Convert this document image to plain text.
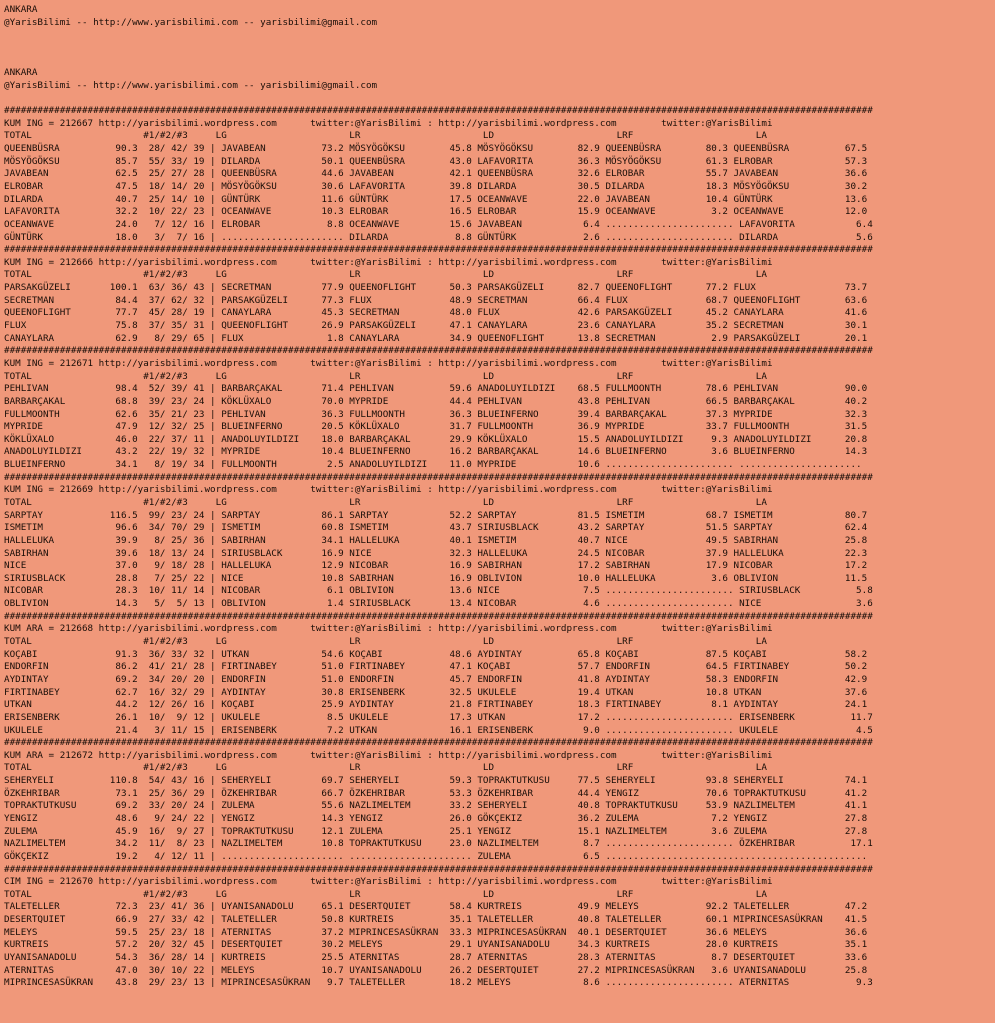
ANKARA
@YarisBilimi -- http://www.yarisbilimi.com -- yarisbilimi@gmail.com

ANKARA
@YarisBilimi -- http://www.yarisbilimi.com -- yarisbilimi@gmail.com

############################################################################################################################################################
KUM ING = 212667 http://yarisbilimi.wordpress.com      twitter:@YarisBilimi : http://yarisbilimi.wordpress.com        twitter:@YarisBilimi
TOTAL                    #1/#2/#3     LG                      LR                      LD                      LRF                      LA
QUEENBÜSRA          90.3  28/ 42/ 39 | JAVABEAN          73.2 MÖSYÖGÖKSU        45.8 MÖSYÖGÖKSU        82.9 QUEENBÜSRA        80.3 QUEENBÜSRA          67.5
MÖSYÖGÖKSU          85.7  55/ 33/ 19 | DILARDA           50.1 QUEENBÜSRA        43.0 LAFAVORITA        36.3 MÖSYÖGÖKSU        61.3 ELROBAR             57.3
JAVABEAN            62.5  25/ 27/ 28 | QUEENBÜSRA        44.6 JAVABEAN          42.1 QUEENBÜSRA        32.6 ELROBAR           55.7 JAVABEAN            36.6
ELROBAR             47.5  18/ 14/ 20 | MÖSYÖGÖKSU        30.6 LAFAVORITA        39.8 DILARDA           30.5 DILARDA           18.3 MÖSYÖGÖKSU          30.2
DILARDA             40.7  25/ 14/ 10 | GÜNTÜRK           11.6 GÜNTÜRK           17.5 OCEANWAVE         22.0 JAVABEAN          10.4 GÜNTÜRK             13.6
LAFAVORITA          32.2  10/ 22/ 23 | OCEANWAVE         10.3 ELROBAR           16.5 ELROBAR           15.9 OCEANWAVE          3.2 OCEANWAVE           12.0
OCEANWAVE           24.0   7/ 12/ 16 | ELROBAR            8.8 OCEANWAVE         15.6 JAVABEAN           6.4 ....................... LAFAVORITA           6.4
GÜNTÜRK             18.0   3/  7/ 16 | ...................... DILARDA            8.8 GÜNTÜRK            2.6 ....................... DILARDA              5.6
############################################################################################################################################################
KUM ING = 212666 http://yarisbilimi.wordpress.com      twitter:@YarisBilimi : http://yarisbilimi.wordpress.com        twitter:@YarisBilimi
TOTAL                    #1/#2/#3     LG                      LR                      LD                      LRF                      LA
PARSAKGÜZELI       100.1  63/ 36/ 43 | SECRETMAN         77.9 QUEENOFLIGHT      50.3 PARSAKGÜZELI      82.7 QUEENOFLIGHT      77.2 FLUX                73.7
SECRETMAN           84.4  37/ 62/ 32 | PARSAKGÜZELI      77.3 FLUX              48.9 SECRETMAN         66.4 FLUX              68.7 QUEENOFLIGHT        63.6
QUEENOFLIGHT        77.7  45/ 28/ 19 | CANAYLARA         45.3 SECRETMAN         48.0 FLUX              42.6 PARSAKGÜZELI      45.2 CANAYLARA           41.6
FLUX                75.8  37/ 35/ 31 | QUEENOFLIGHT      26.9 PARSAKGÜZELI      47.1 CANAYLARA         23.6 CANAYLARA         35.2 SECRETMAN           30.1
CANAYLARA           62.9   8/ 29/ 65 | FLUX               1.8 CANAYLARA         34.9 QUEENOFLIGHT      13.8 SECRETMAN          2.9 PARSAKGÜZELI        20.1
############################################################################################################################################################
KUM ING = 212671 http://yarisbilimi.wordpress.com      twitter:@YarisBilimi : http://yarisbilimi.wordpress.com        twitter:@YarisBilimi
TOTAL                    #1/#2/#3     LG                      LR                      LD                      LRF                      LA
PEHLIVAN            98.4  52/ 39/ 41 | BARBARÇAKAL       71.4 PEHLIVAN          59.6 ANADOLUYILDIZI    68.5 FULLMOONTH        78.6 PEHLIVAN            90.0
BARBARÇAKAL         68.8  39/ 23/ 24 | KÖKLÜXALO         70.0 MYPRIDE           44.4 PEHLIVAN          43.8 PEHLIVAN          66.5 BARBARÇAKAL         40.2
FULLMOONTH          62.6  35/ 21/ 23 | PEHLIVAN          36.3 FULLMOONTH        36.3 BLUEINFERNO       39.4 BARBARÇAKAL       37.3 MYPRIDE             32.3
MYPRIDE             47.9  12/ 32/ 25 | BLUEINFERNO       20.5 KÖKLÜXALO         31.7 FULLMOONTH        36.9 MYPRIDE           33.7 FULLMOONTH          31.5
KÖKLÜXALO           46.0  22/ 37/ 11 | ANADOLUYILDIZI    18.0 BARBARÇAKAL       29.9 KÖKLÜXALO         15.5 ANADOLUYILDIZI     9.3 ANADOLUYILDIZI      20.8
ANADOLUYILDIZI      43.2  22/ 19/ 32 | MYPRIDE           10.4 BLUEINFERNO       16.2 BARBARÇAKAL       14.6 BLUEINFERNO        3.6 BLUEINFERNO         14.3
BLUEINFERNO         34.1   8/ 19/ 34 | FULLMOONTH         2.5 ANADOLUYILDIZI    11.0 MYPRIDE           10.6 ....................... ......................
############################################################################################################################################################
KUM ING = 212669 http://yarisbilimi.wordpress.com      twitter:@YarisBilimi : http://yarisbilimi.wordpress.com        twitter:@YarisBilimi
TOTAL                    #1/#2/#3     LG                      LR                      LD                      LRF                      LA
SARPTAY            116.5  99/ 23/ 24 | SARPTAY           86.1 SARPTAY           52.2 SARPTAY           81.5 ISMETIM           68.7 ISMETIM             80.7
ISMETIM             96.6  34/ 70/ 29 | ISMETIM           60.8 ISMETIM           43.7 SIRIUSBLACK       43.2 SARPTAY           51.5 SARPTAY             62.4
HALLELUKA           39.9   8/ 25/ 36 | SABIRHAN          34.1 HALLELUKA         40.1 ISMETIM           40.7 NICE              49.5 SABIRHAN            25.8
SABIRHAN            39.6  18/ 13/ 24 | SIRIUSBLACK       16.9 NICE              32.3 HALLELUKA         24.5 NICOBAR           37.9 HALLELUKA           22.3
NICE                37.0   9/ 18/ 28 | HALLELUKA         12.9 NICOBAR           16.9 SABIRHAN          17.2 SABIRHAN          17.9 NICOBAR             17.2
SIRIUSBLACK         28.8   7/ 25/ 22 | NICE              10.8 SABIRHAN          16.9 OBLIVION          10.0 HALLELUKA          3.6 OBLIVION            11.5
NICOBAR             28.3  10/ 11/ 14 | NICOBAR            6.1 OBLIVION          13.6 NICE               7.5 ....................... SIRIUSBLACK          5.8
OBLIVION            14.3   5/  5/ 13 | OBLIVION           1.4 SIRIUSBLACK       13.4 NICOBAR            4.6 ....................... NICE                 3.6
############################################################################################################################################################
KUM ARA = 212668 http://yarisbilimi.wordpress.com      twitter:@YarisBilimi : http://yarisbilimi.wordpress.com        twitter:@YarisBilimi
TOTAL                    #1/#2/#3     LG                      LR                      LD                      LRF                      LA
KOÇABI              91.3  36/ 33/ 32 | UTKAN             54.6 KOÇABI            48.6 AYDINTAY          65.8 KOÇABI            87.5 KOÇABI              58.2
ENDORFIN            86.2  41/ 21/ 28 | FIRTINABEY        51.0 FIRTINABEY        47.1 KOÇABI            57.7 ENDORFIN          64.5 FIRTINABEY          50.2
AYDINTAY            69.2  34/ 20/ 20 | ENDORFIN          51.0 ENDORFIN          45.7 ENDORFIN          41.8 AYDINTAY          58.3 ENDORFIN            42.9
FIRTINABEY          62.7  16/ 32/ 29 | AYDINTAY          30.8 ERISENBERK        32.5 UKULELE           19.4 UTKAN             10.8 UTKAN               37.6
UTKAN               44.2  12/ 26/ 16 | KOÇABI            25.9 AYDINTAY          21.8 FIRTINABEY        18.3 FIRTINABEY         8.1 AYDINTAY            24.1
ERISENBERK          26.1  10/  9/ 12 | UKULELE            8.5 UKULELE           17.3 UTKAN             17.2 ....................... ERISENBERK          11.7
UKULELE             21.4   3/ 11/ 15 | ERISENBERK         7.2 UTKAN             16.1 ERISENBERK         9.0 ....................... UKULELE              4.5
############################################################################################################################################################
KUM ARA = 212672 http://yarisbilimi.wordpress.com      twitter:@YarisBilimi : http://yarisbilimi.wordpress.com        twitter:@YarisBilimi
TOTAL                    #1/#2/#3     LG                      LR                      LD                      LRF                      LA
SEHERYELI          110.8  54/ 43/ 16 | SEHERYELI         69.7 SEHERYELI         59.3 TOPRAKTUTKUSU     77.5 SEHERYELI         93.8 SEHERYELI           74.1
ÖZKEHRIBAR          73.1  25/ 36/ 29 | ÖZKEHRIBAR        66.7 ÖZKEHRIBAR        53.3 ÖZKEHRIBAR        44.4 YENGIZ            70.6 TOPRAKTUTKUSU       41.2
TOPRAKTUTKUSU       69.2  33/ 20/ 24 | ZULEMA            55.6 NAZLIMELTEM       33.2 SEHERYELI         40.8 TOPRAKTUTKUSU     53.9 NAZLIMELTEM         41.1
YENGIZ              48.6   9/ 24/ 22 | YENGIZ            14.3 YENGIZ            26.0 GÖKÇEKIZ          36.2 ZULEMA             7.2 YENGIZ              27.8
ZULEMA              45.9  16/  9/ 27 | TOPRAKTUTKUSU     12.1 ZULEMA            25.1 YENGIZ            15.1 NAZLIMELTEM        3.6 ZULEMA              27.8
NAZLIMELTEM         34.2  11/  8/ 23 | NAZLIMELTEM       10.8 TOPRAKTUTKUSU     23.0 NAZLIMELTEM        8.7 ....................... ÖZKEHRIBAR          17.1
GÖKÇEKIZ            19.2   4/ 12/ 11 | ...................... ...................... ZULEMA             6.5 ...............................................
############################################################################################################################################################
CIM ING = 212670 http://yarisbilimi.wordpress.com      twitter:@YarisBilimi : http://yarisbilimi.wordpress.com        twitter:@YarisBilimi
TOTAL                    #1/#2/#3     LG                      LR                      LD                      LRF                      LA
TALETELLER          72.3  23/ 41/ 36 | UYANISANADOLU     65.1 DESERTQUIET       58.4 KURTREIS          49.9 MELEYS            92.2 TALETELLER          47.2
DESERTQUIET         66.9  27/ 33/ 42 | TALETELLER        50.8 KURTREIS          35.1 TALETELLER        40.8 TALETELLER        60.1 MIPRINCESASÜKRAN    41.5
MELEYS              59.5  25/ 23/ 18 | ATERNITAS         37.2 MIPRINCESASÜKRAN  33.3 MIPRINCESASÜKRAN  40.1 DESERTQUIET       36.6 MELEYS              36.6
KURTREIS            57.2  20/ 32/ 45 | DESERTQUIET       30.2 MELEYS            29.1 UYANISANADOLU     34.3 KURTREIS          28.0 KURTREIS            35.1
UYANISANADOLU       54.3  36/ 28/ 14 | KURTREIS          25.5 ATERNITAS         28.7 ATERNITAS         28.3 ATERNITAS          8.7 DESERTQUIET         33.6
ATERNITAS           47.0  30/ 10/ 22 | MELEYS            10.7 UYANISANADOLU     26.2 DESERTQUIET       27.2 MIPRINCESASÜKRAN   3.6 UYANISANADOLU       25.8
MIPRINCESASÜKRAN    43.8  29/ 23/ 13 | MIPRINCESASÜKRAN   9.7 TALETELLER        18.2 MELEYS             8.6 ....................... ATERNITAS            9.3
